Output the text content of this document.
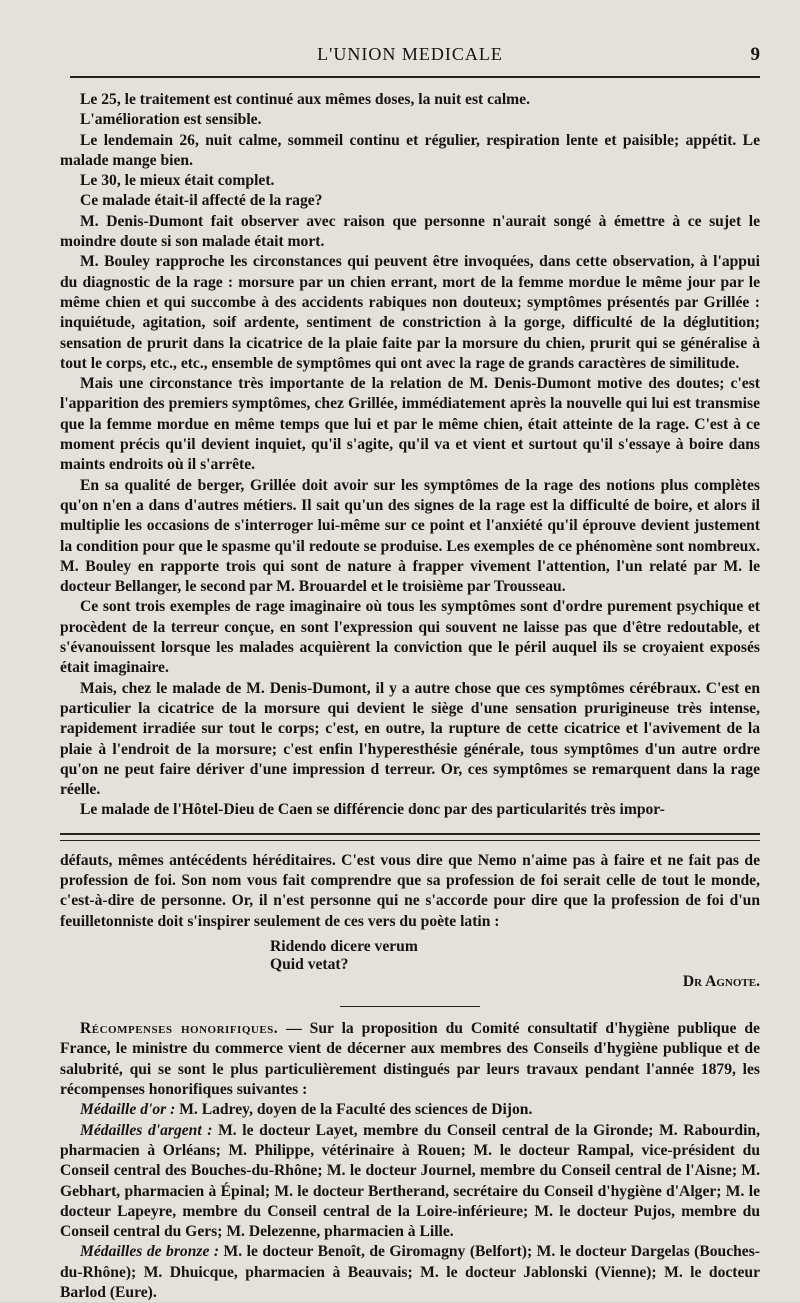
L'UNION MEDICALE	9

Le 25, le traitement est continué aux mêmes doses, la nuit est calme.

L'amélioration est sensible.

Le lendemain 26, nuit calme, sommeil continu et régulier, respiration lente et paisible; appétit. Le malade mange bien.

Le 30, le mieux était complet.

Ce malade était-il affecté de la rage?

M. Denis-Dumont fait observer avec raison que personne n'aurait songé à émettre à ce sujet le moindre doute si son malade était mort.

M. Bouley rapproche les circonstances qui peuvent être invoquées, dans cette observation, à l'appui du diagnostic de la rage : morsure par un chien errant, mort de la femme mordue le même jour par le même chien et qui succombe à des accidents rabiques non douteux; symptômes présentés par Grillée : inquiétude, agitation, soif ardente, sentiment de constriction à la gorge, difficulté de la déglutition; sensation de prurit dans la cicatrice de la plaie faite par la morsure du chien, prurit qui se généralise à tout le corps, etc., etc., ensemble de symptômes qui ont avec la rage de grands caractères de similitude.

Mais une circonstance très importante de la relation de M. Denis-Dumont motive des doutes; c'est l'apparition des premiers symptômes, chez Grillée, immédiatement après la nouvelle qui lui est transmise que la femme mordue en même temps que lui et par le même chien, était atteinte de la rage. C'est à ce moment précis qu'il devient inquiet, qu'il s'agite, qu'il va et vient et surtout qu'il s'essaye à boire dans maints endroits où il s'arrête.

En sa qualité de berger, Grillée doit avoir sur les symptômes de la rage des notions plus complètes qu'on n'en a dans d'autres métiers. Il sait qu'un des signes de la rage est la difficulté de boire, et alors il multiplie les occasions de s'interroger lui-même sur ce point et l'anxiété qu'il éprouve devient justement la condition pour que le spasme qu'il redoute se produise. Les exemples de ce phénomène sont nombreux. M. Bouley en rapporte trois qui sont de nature à frapper vivement l'attention, l'un relaté par M. le docteur Bellanger, le second par M. Brouardel et le troisième par Trousseau.

Ce sont trois exemples de rage imaginaire où tous les symptômes sont d'ordre purement psychique et procèdent de la terreur conçue, en sont l'expression qui souvent ne laisse pas que d'être redoutable, et s'évanouissent lorsque les malades acquièrent la conviction que le péril auquel ils se croyaient exposés était imaginaire.

Mais, chez le malade de M. Denis-Dumont, il y a autre chose que ces symptômes cérébraux. C'est en particulier la cicatrice de la morsure qui devient le siège d'une sensation prurigineuse très intense, rapidement irradiée sur tout le corps; c'est, en outre, la rupture de cette cicatrice et l'avivement de la plaie à l'endroit de la morsure; c'est enfin l'hyperesthésie générale, tous symptômes d'un autre ordre qu'on ne peut faire dériver d'une impression d terreur. Or, ces symptômes se remarquent dans la rage réelle.

Le malade de l'Hôtel-Dieu de Caen se différencie donc par des particularités très impor-

défauts, mêmes antécédents héréditaires. C'est vous dire que Nemo n'aime pas à faire et ne fait pas de profession de foi. Son nom vous fait comprendre que sa profession de foi serait celle de tout le monde, c'est-à-dire de personne. Or, il n'est personne qui ne s'accorde pour dire que la profession de foi d'un feuilletonniste doit s'inspirer seulement de ces vers du poète latin :

Ridendo dicere verum
Quid vetat?
Dr Agnote.

Récompenses honorifiques. — Sur la proposition du Comité consultatif d'hygiène publique de France, le ministre du commerce vient de décerner aux membres des Conseils d'hygiène publique et de salubrité, qui se sont le plus particulièrement distingués par leurs travaux pendant l'année 1879, les récompenses honorifiques suivantes :

Médaille d'or : M. Ladrey, doyen de la Faculté des sciences de Dijon.

Médailles d'argent : M. le docteur Layet, membre du Conseil central de la Gironde; M. Rabourdin, pharmacien à Orléans; M. Philippe, vétérinaire à Rouen; M. le docteur Rampal, vice-président du Conseil central des Bouches-du-Rhône; M. le docteur Journel, membre du Conseil central de l'Aisne; M. Gebhart, pharmacien à Épinal; M. le docteur Bertherand, secrétaire du Conseil d'hygiène d'Alger; M. le docteur Lapeyre, membre du Conseil central de la Loire-inférieure; M. le docteur Pujos, membre du Conseil central du Gers; M. Delezenne, pharmacien à Lille.

Médailles de bronze : M. le docteur Benoît, de Giromagny (Belfort); M. le docteur Dargelas (Bouches-du-Rhône); M. Dhuicque, pharmacien à Beauvais; M. le docteur Jablonski (Vienne); M. le docteur Barlod (Eure).
